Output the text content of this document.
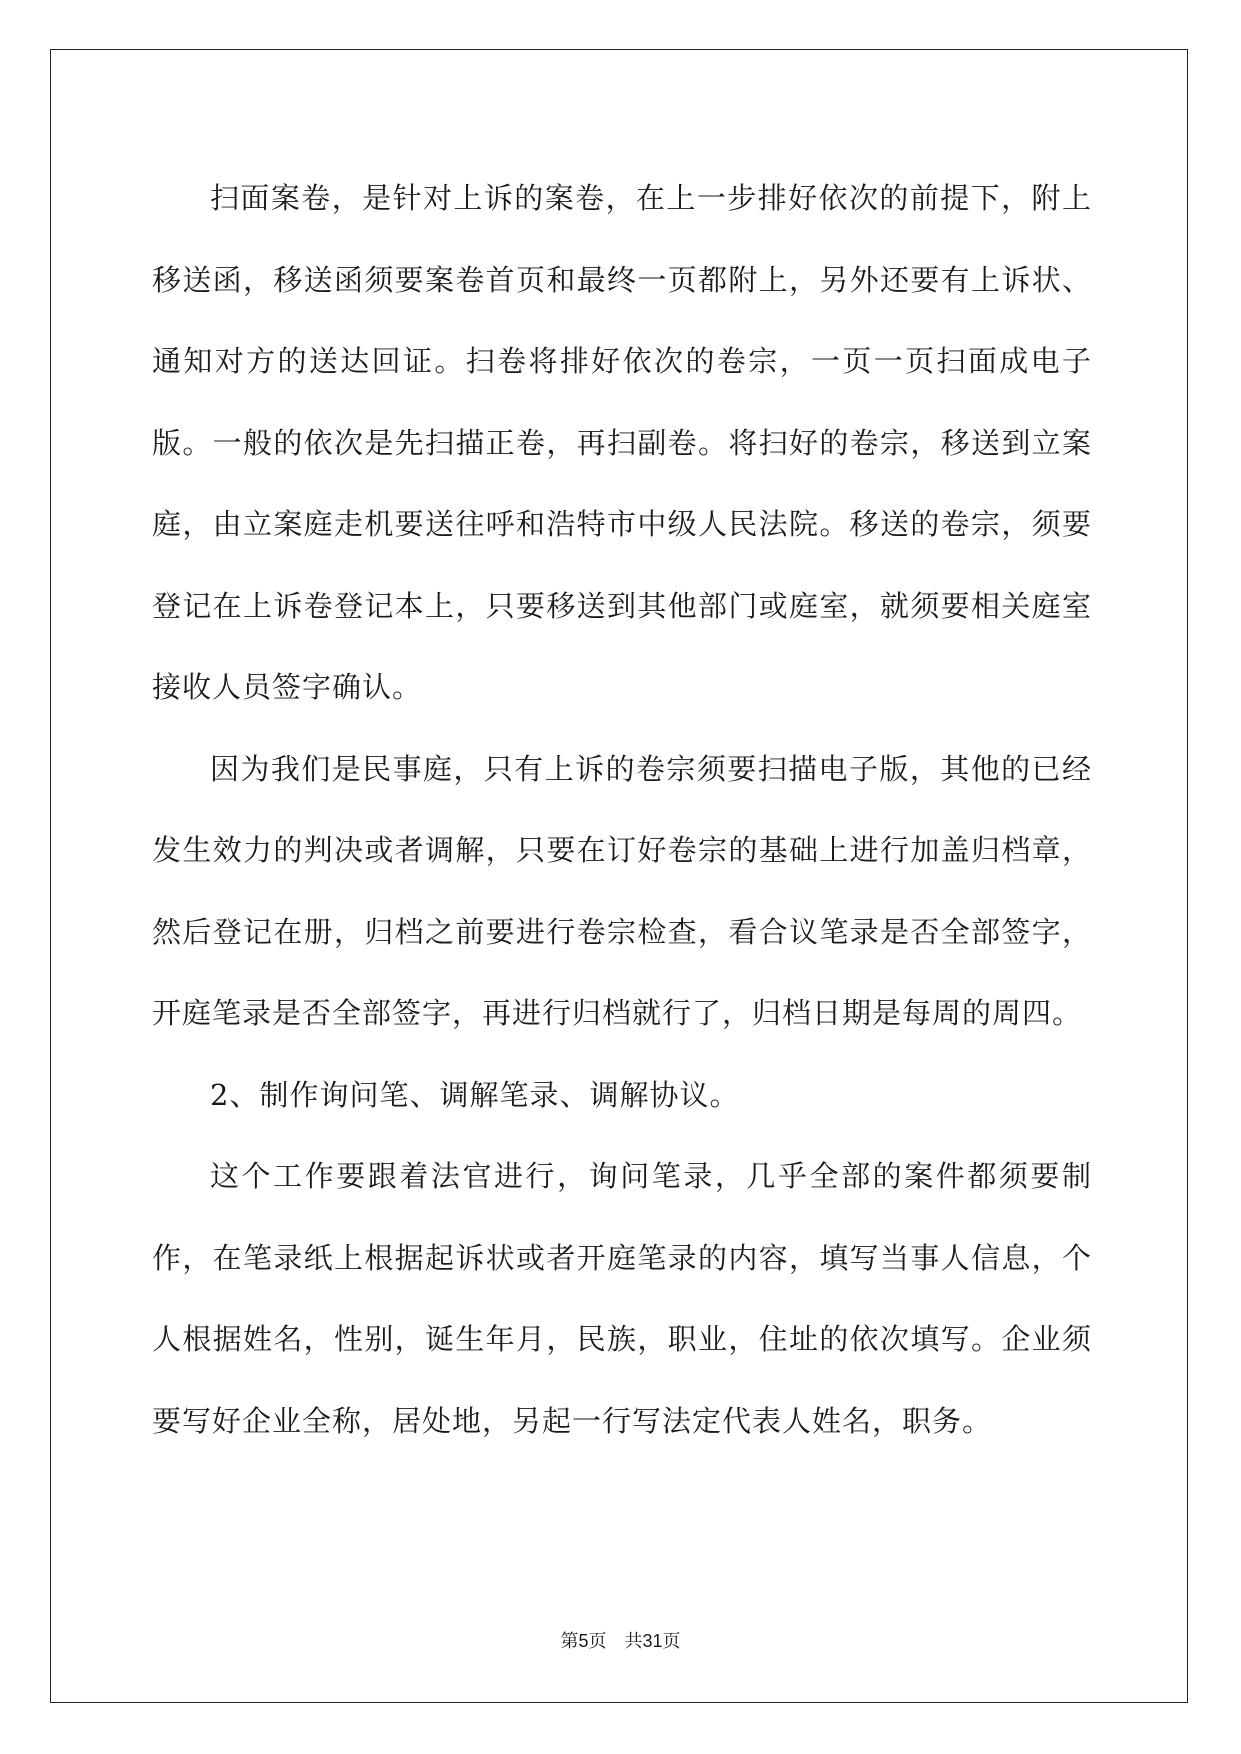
扫面案卷，是针对上诉的案卷，在上一步排好依次的前提下，附上移送函，移送函须要案卷首页和最终一页都附上，另外还要有上诉状、通知对方的送达回证。扫卷将排好依次的卷宗，一页一页扫面成电子版。一般的依次是先扫描正卷，再扫副卷。将扫好的卷宗，移送到立案庭，由立案庭走机要送往呼和浩特市中级人民法院。移送的卷宗，须要登记在上诉卷登记本上，只要移送到其他部门或庭室，就须要相关庭室接收人员签字确认。

因为我们是民事庭，只有上诉的卷宗须要扫描电子版，其他的已经发生效力的判决或者调解，只要在订好卷宗的基础上进行加盖归档章，然后登记在册，归档之前要进行卷宗检查，看合议笔录是否全部签字，开庭笔录是否全部签字，再进行归档就行了，归档日期是每周的周四。

2、制作询问笔、调解笔录、调解协议。

这个工作要跟着法官进行，询问笔录，几乎全部的案件都须要制作，在笔录纸上根据起诉状或者开庭笔录的内容，填写当事人信息，个人根据姓名，性别，诞生年月，民族，职业，住址的依次填写。企业须要写好企业全称，居处地，另起一行写法定代表人姓名，职务。

第5页 共31页
